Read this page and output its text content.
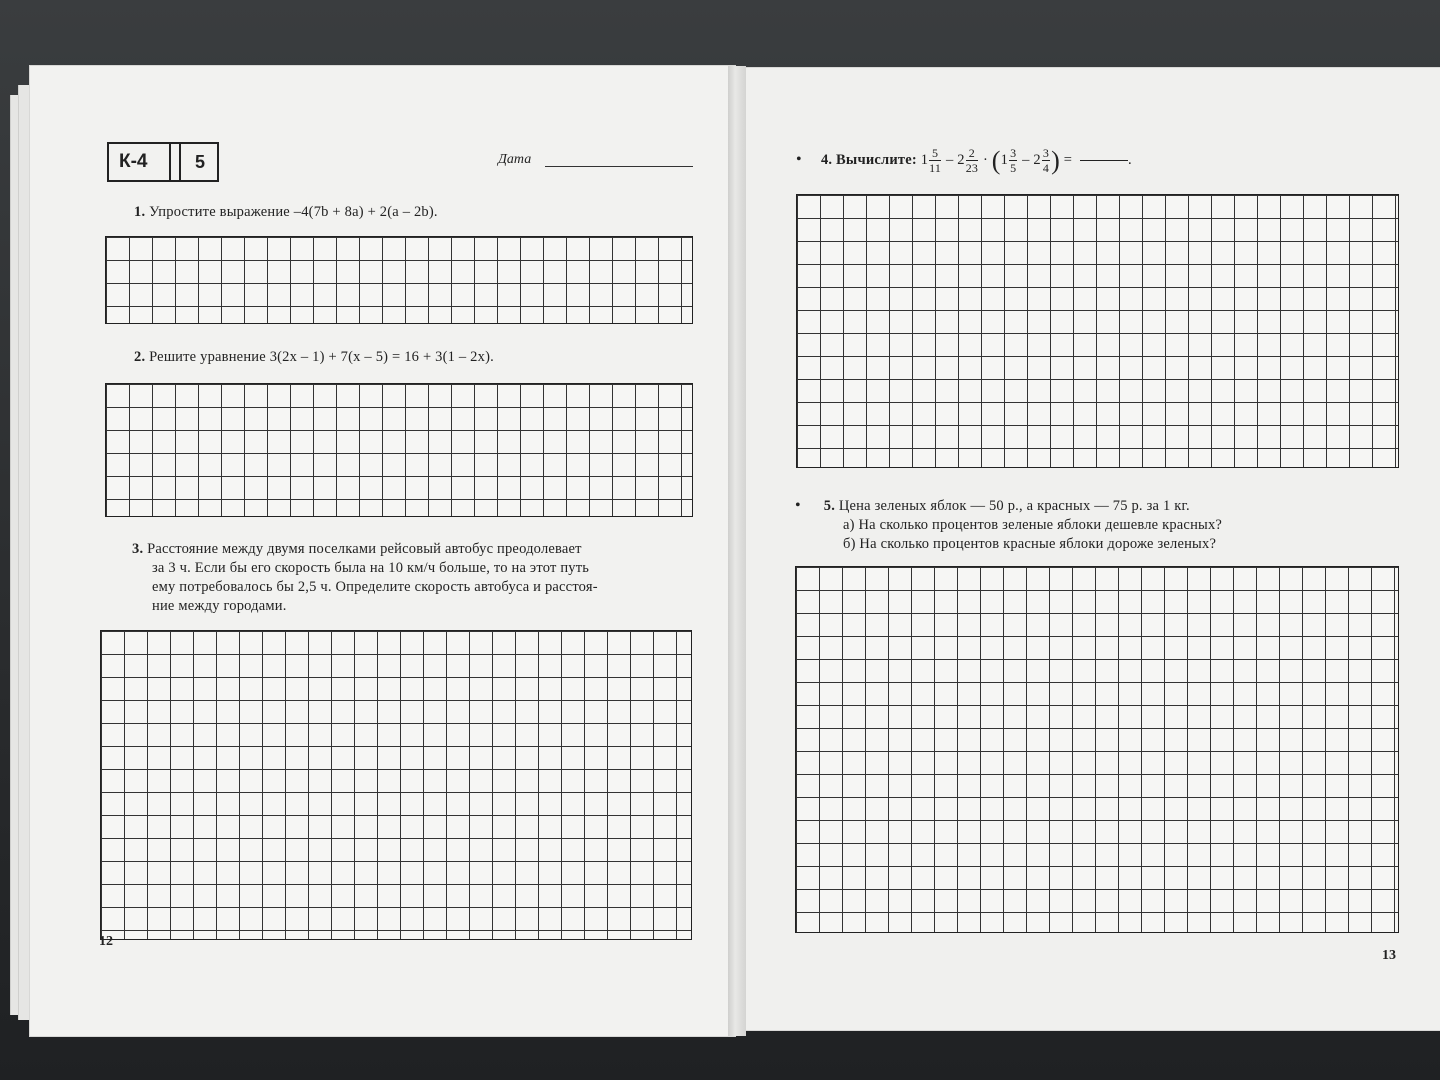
К-4	5	Дата
1. Упростите выражение –4(7b + 8a) + 2(a – 2b).
2. Решите уравнение 3(2x – 1) + 7(x – 5) = 16 + 3(1 – 2x).
3. Расстояние между двумя поселками рейсовый автобус преодолевает
за 3 ч. Если бы его скорость была на 10 км/ч больше, то на этот путь
ему потребовалось бы 2,5 ч. Определите скорость автобуса и расстоя-
ние между городами.
12
• 4. Вычислите: $1 \frac{5}{11} - 2 \frac{2}{23} \cdot (1 \frac{3}{5} - 2 \frac{3}{4}$ ) =	.
• 5. Цена зеленых яблок — 50 р., а красных — 75 р. за 1 кг.
а) На сколько процентов зеленые яблоки дешевле красных?
б) На сколько процентов красные яблоки дороже зеленых?
13
